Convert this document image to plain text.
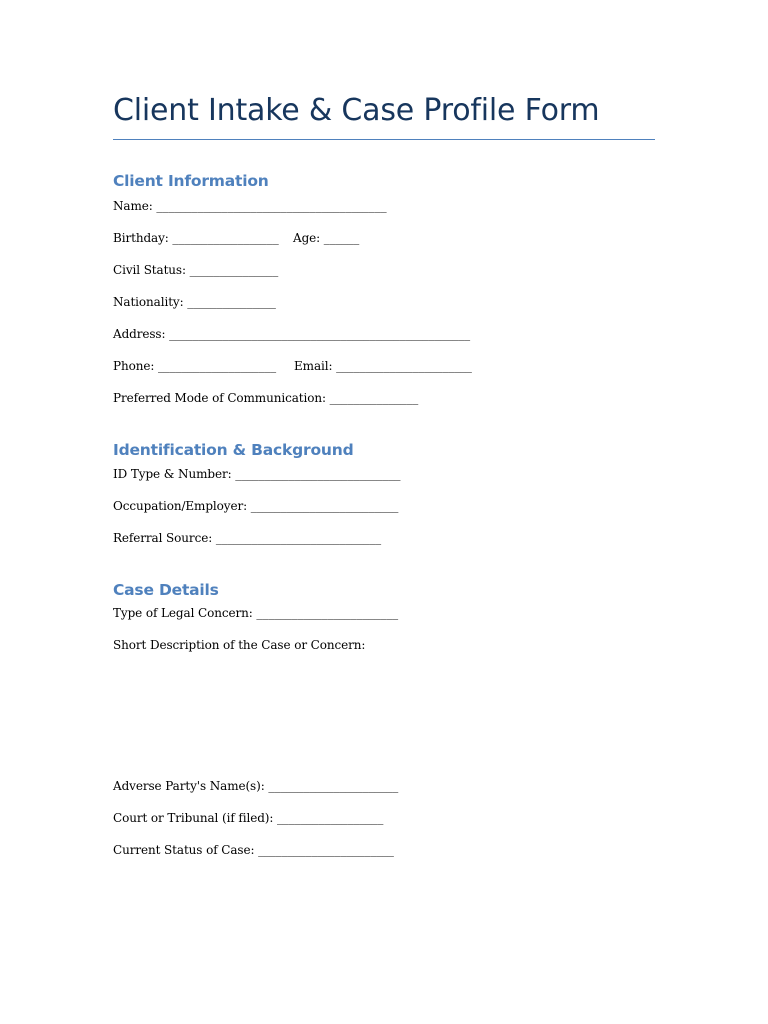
Client Intake & Case Profile Form
Client Information
Name: _______________________________________
Birthday: __________________ Age: ______
Civil Status: _______________
Nationality: _______________
Address: ___________________________________________________
Phone: ____________________ Email: _______________________
Preferred Mode of Communication: _______________
Identification & Background
ID Type & Number: ____________________________
Occupation/Employer: _________________________
Referral Source: ____________________________
Case Details
Type of Legal Concern: ________________________
Short Description of the Case or Concern:
Adverse Party's Name(s): ______________________
Court or Tribunal (if filed): __________________
Current Status of Case: _______________________
